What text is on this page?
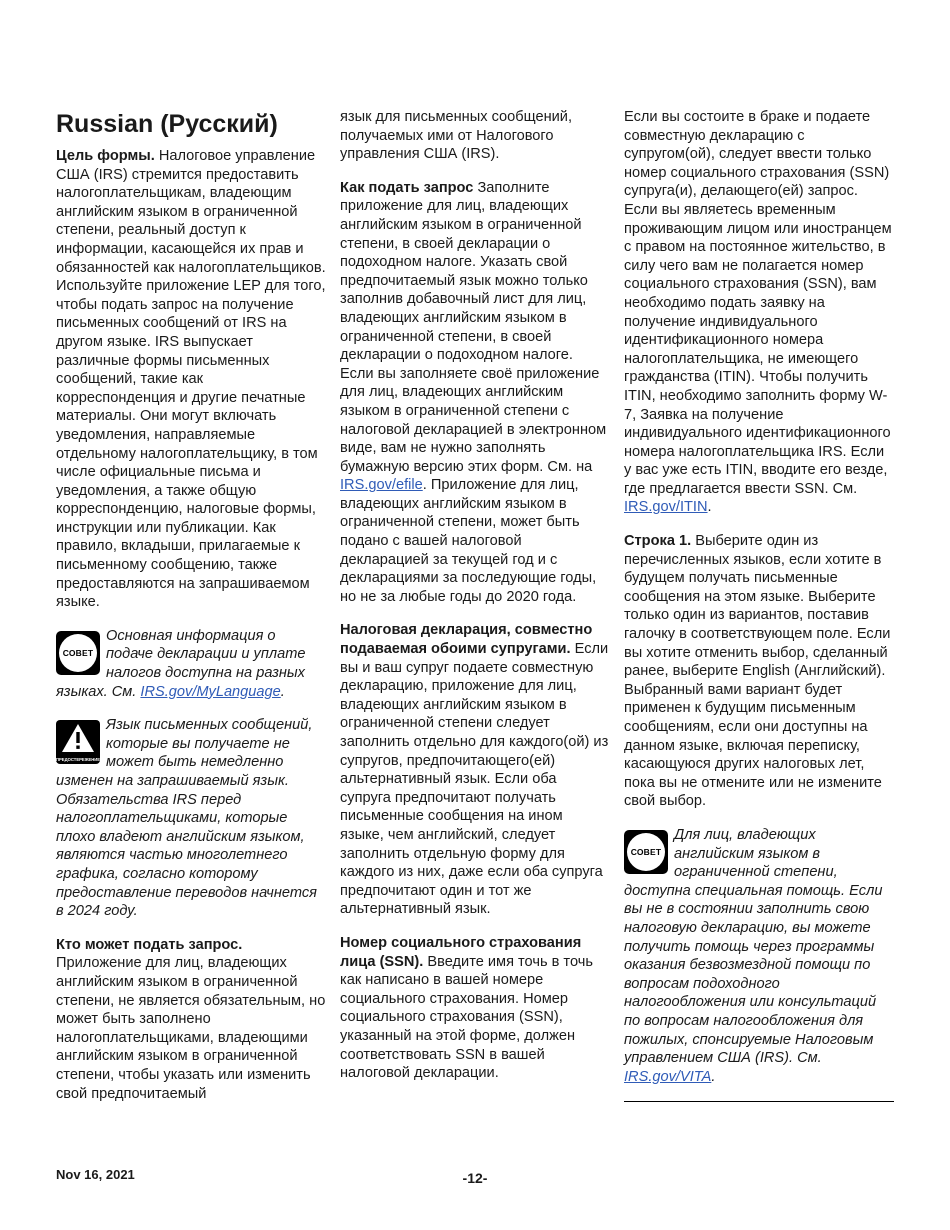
Russian (Русский)

Цель формы. Налоговое управление США (IRS) стремится предоставить налогоплательщикам, владеющим английским языком в ограниченной степени, реальный доступ к информации, касающейся их прав и обязанностей как налогоплательщиков. Используйте приложение LEP для того, чтобы подать запрос на получение письменных сообщений от IRS на другом языке. IRS выпускает различные формы письменных сообщений, такие как корреспонденция и другие печатные материалы. Они могут включать уведомления, направляемые отдельному налогоплательщику, в том числе официальные письма и уведомления, а также общую корреспонденцию, налоговые формы, инструкции или публикации. Как правило, вкладыши, прилагаемые к письменному сообщению, также предоставляются на запрашиваемом языке.

СОВЕТ
Основная информация о подаче декларации и уплате налогов доступна на разных языках. См. IRS.gov/MyLanguage.
ПРЕДОСТЕРЕЖЕНИЕ
Язык письменных сообщений, которые вы получаете не может быть немедленно изменен на запрашиваемый язык. Обязательства IRS перед налогоплательщиками, которые плохо владеют английским языком, являются частью многолетнего графика, согласно которому предоставление переводов начнется в 2024 году.

Кто может подать запрос.
Приложение для лиц, владеющих английским языком в ограниченной степени, не является обязательным, но может быть заполнено налогоплательщиками, владеющими английским языком в ограниченной степени, чтобы указать или изменить свой предпочитаемый

язык для письменных сообщений, получаемых ими от Налогового управления США (IRS).

Как подать запрос Заполните приложение для лиц, владеющих английским языком в ограниченной степени, в своей декларации о подоходном налоге. Указать свой предпочитаемый язык можно только заполнив добавочный лист для лиц, владеющих английским языком в ограниченной степени, в своей декларации о подоходном налоге. Если вы заполняете своё приложение для лиц, владеющих английским языком в ограниченной степени с налоговой декларацией в электронном виде, вам не нужно заполнять бумажную версию этих форм. См. на IRS.gov/efile. Приложение для лиц, владеющих английским языком в ограниченной степени, может быть подано с вашей налоговой декларацией за текущей год и с декларациями за последующие годы, но не за любые годы до 2020 года.

Налоговая декларация, совместно подаваемая обоими супругами. Если вы и ваш супруг подаете совместную декларацию, приложение для лиц, владеющих английским языком в ограниченной степени следует заполнить отдельно для каждого(ой) из супругов, предпочитающего(ей) альтернативный язык. Если оба супруга предпочитают получать письменные сообщения на ином языке, чем английский, следует заполнить отдельную форму для каждого из них, даже если оба супруга предпочитают один и тот же альтернативный язык.

Номер социального страхования лица (SSN). Введите имя точь в точь как написано в вашей номере социального страхования. Номер социального страхования (SSN), указанный на этой форме, должен соответствовать SSN в вашей налоговой декларации.

Если вы состоите в браке и подаете совместную декларацию с супругом(ой), следует ввести только номер социального страхования (SSN) супруга(и), делающего(ей) запрос. Если вы являетесь временным проживающим лицом или иностранцем с правом на постоянное жительство, в силу чего вам не полагается номер социального страхования (SSN), вам необходимо подать заявку на получение индивидуального идентификационного номера налогоплательщика, не имеющего гражданства (ITIN). Чтобы получить ITIN, необходимо заполнить форму W-7, Заявка на получение индивидуального идентификационного номера налогоплательщика IRS. Если у вас уже есть ITIN, вводите его везде, где предлагается ввести SSN. См. IRS.gov/ITIN.

Строка 1. Выберите один из перечисленных языков, если хотите в будущем получать письменные сообщения на этом языке. Выберите только один из вариантов, поставив галочку в соответствующем поле. Если вы хотите отменить выбор, сделанный ранее, выберите English (Английский). Выбранный вами вариант будет применен к будущим письменным сообщениям, если они доступны на данном языке, включая переписку, касающуюся других налоговых лет, пока вы не отмените или не измените свой выбор.

СОВЕТ
Для лиц, владеющих английским языком в ограниченной степени, доступна специальная помощь. Если вы не в состоянии заполнить свою налоговую декларацию, вы можете получить помощь через программы оказания безвозмездной помощи по вопросам подоходного налогообложения или консультаций по вопросам налогообложения для пожилых, спонсируемые Налоговым управлением США (IRS). См. IRS.gov/VITA.
Nov 16, 2021	-12-
